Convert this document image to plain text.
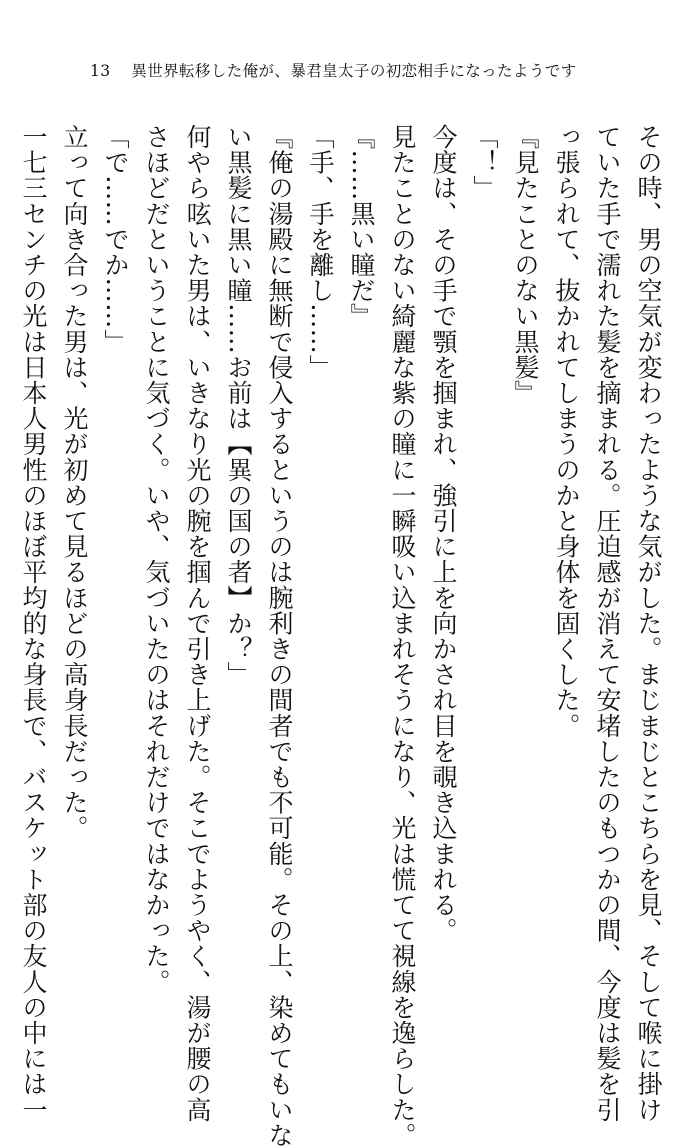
13 異世界転移した俺が、暴君皇太子の初恋相手になったようです
その時、男の空気が変わったような気がした。まじまじとこちらを見、そして喉に掛け
ていた手で濡れた髪を摘まれる。圧迫感が消えて安堵したのもつかの間、今度は髪を引
っ張られて、抜かれてしまうのかと身体を固くした。
『見たことのない黒髪』
「！」
今度は、その手で顎を掴まれ、強引に上を向かされ目を覗き込まれる。
見たことのない綺麗な紫の瞳に一瞬吸い込まれそうになり、光は慌てて視線を逸らした。
『……黒い瞳だ』
「手、手を離し……」
『俺の湯殿に無断で侵入するというのは腕利きの間者でも不可能。その上、染めてもいな
い黒髪に黒い瞳……お前は【異の国の者】か？」
何やら呟いた男は、いきなり光の腕を掴んで引き上げた。そこでようやく、湯が腰の高
さほどだということに気づく。いや、気づいたのはそれだけではなかった。
「で……でか……」
立って向き合った男は、光が初めて見るほどの高身長だった。
一七三センチの光は日本人男性のほぼ平均的な身長で、バスケット部の友人の中には一
